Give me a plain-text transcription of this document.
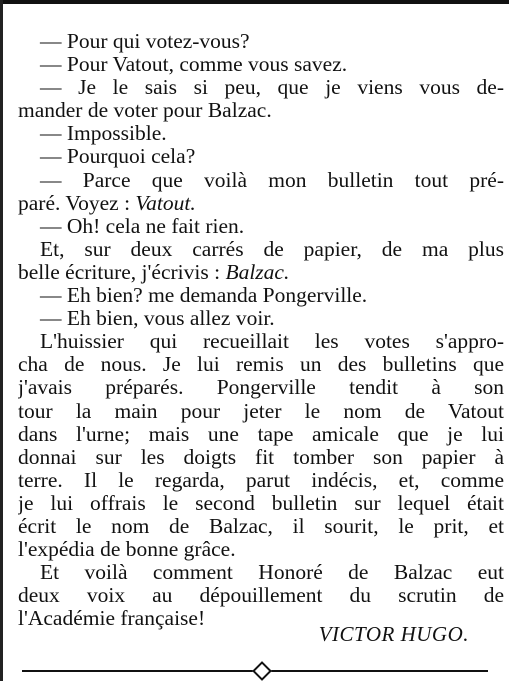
— Pour qui votez-vous?
— Pour Vatout, comme vous savez.
— Je le sais si peu, que je viens vous de-
mander de voter pour Balzac.
— Impossible.
— Pourquoi cela?
— Parce que voilà mon bulletin tout pré-
paré. Voyez : Vatout.
— Oh! cela ne fait rien.
Et, sur deux carrés de papier, de ma plus
belle écriture, j'écrivis : Balzac.
— Eh bien? me demanda Pongerville.
— Eh bien, vous allez voir.
L'huissier qui recueillait les votes s'appro-
cha de nous. Je lui remis un des bulletins que
j'avais préparés. Pongerville tendit à son
tour la main pour jeter le nom de Vatout
dans l'urne; mais une tape amicale que je lui
donnai sur les doigts fit tomber son papier à
terre. Il le regarda, parut indécis, et, comme
je lui offrais le second bulletin sur lequel était
écrit le nom de Balzac, il sourit, le prit, et
l'expédia de bonne grâce.
Et voilà comment Honoré de Balzac eut
deux voix au dépouillement du scrutin de
l'Académie française!
VICTOR HUGO.
